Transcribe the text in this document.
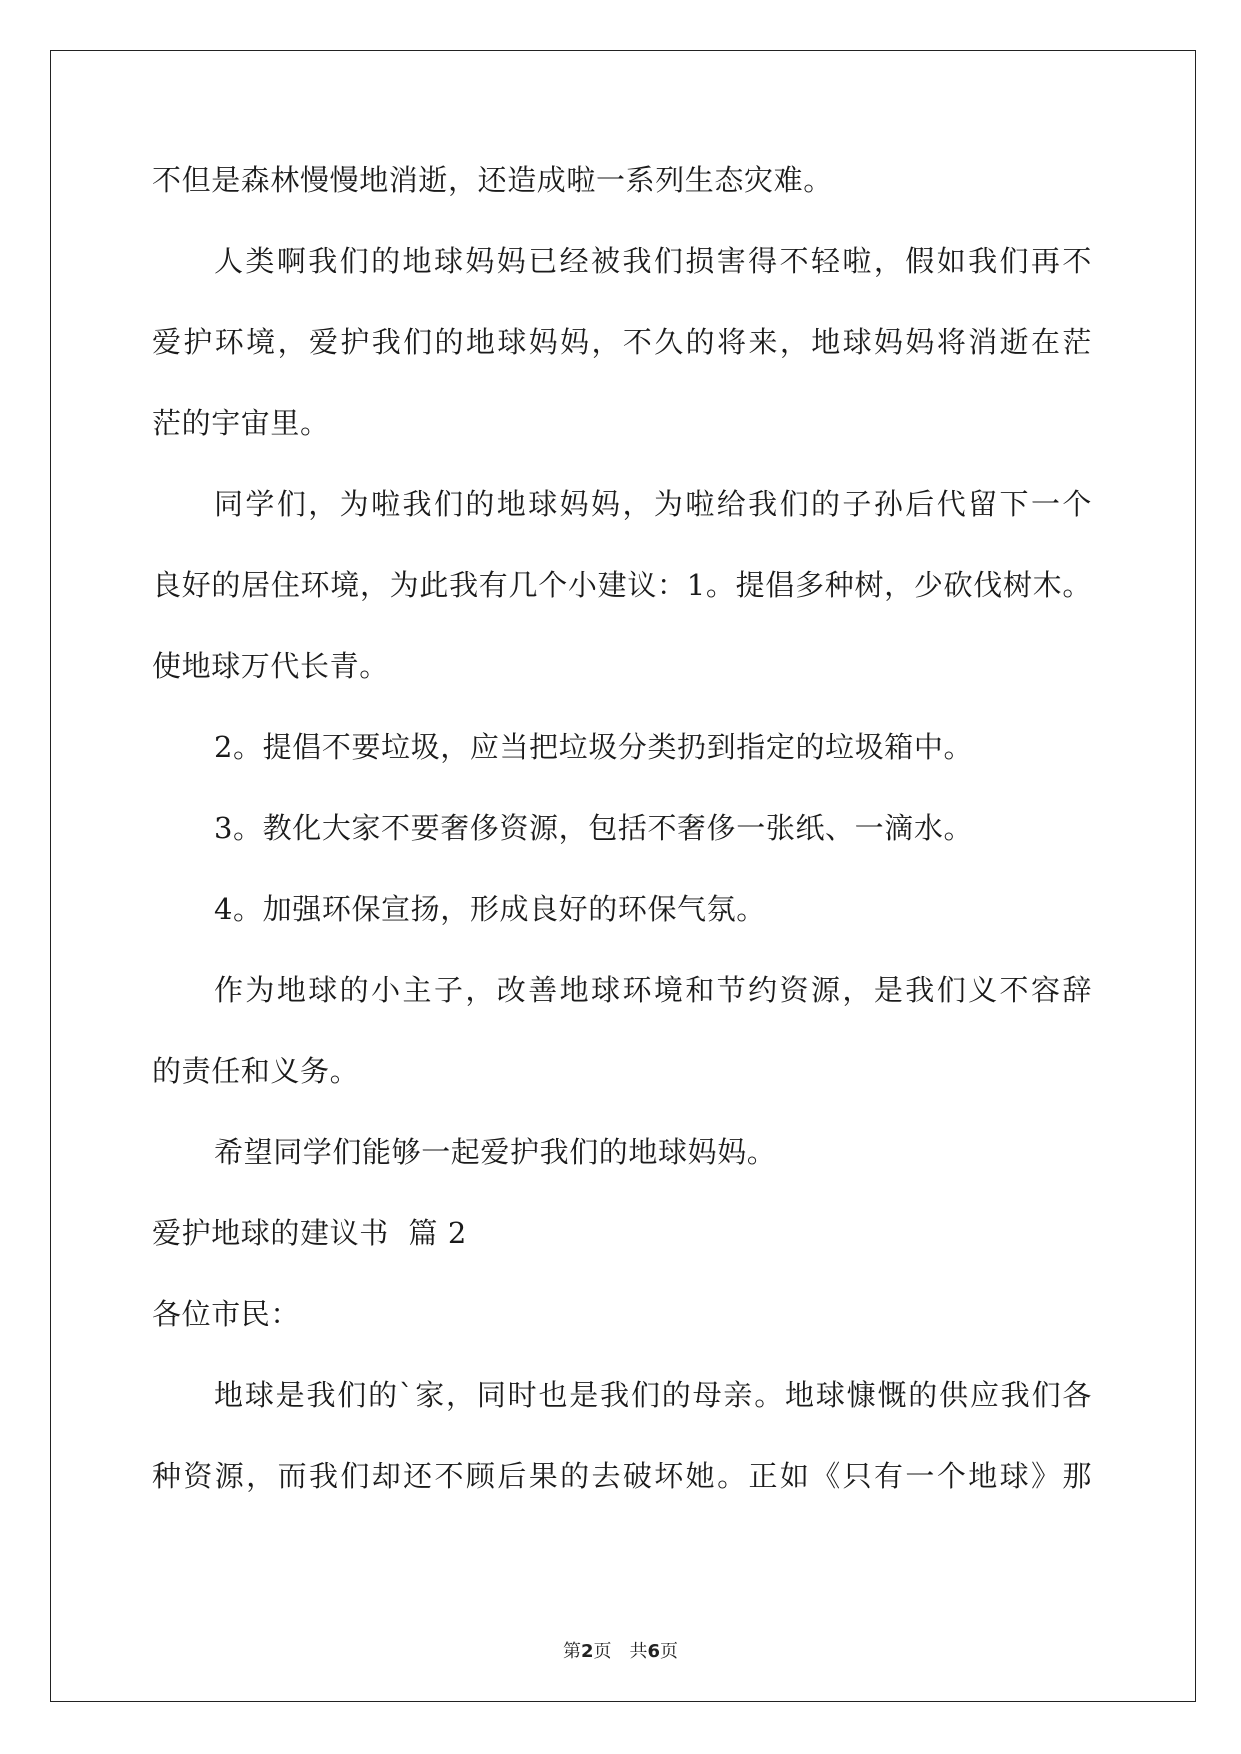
不但是森林慢慢地消逝，还造成啦一系列生态灾难。
人类啊我们的地球妈妈已经被我们损害得不轻啦，假如我们再不
爱护环境，爱护我们的地球妈妈，不久的将来，地球妈妈将消逝在茫
茫的宇宙里。
同学们，为啦我们的地球妈妈，为啦给我们的子孙后代留下一个
良好的居住环境，为此我有几个小建议：1。提倡多种树，少砍伐树木。
使地球万代长青。
2。提倡不要垃圾，应当把垃圾分类扔到指定的垃圾箱中。
3。教化大家不要奢侈资源，包括不奢侈一张纸、一滴水。
4。加强环保宣扬，形成良好的环保气氛。
作为地球的小主子，改善地球环境和节约资源，是我们义不容辞
的责任和义务。
希望同学们能够一起爱护我们的地球妈妈。
爱护地球的建议书  篇 2
各位市民：
地球是我们的`家，同时也是我们的母亲。地球慷慨的供应我们各
种资源，而我们却还不顾后果的去破坏她。正如《只有一个地球》那
第2页 共6页
